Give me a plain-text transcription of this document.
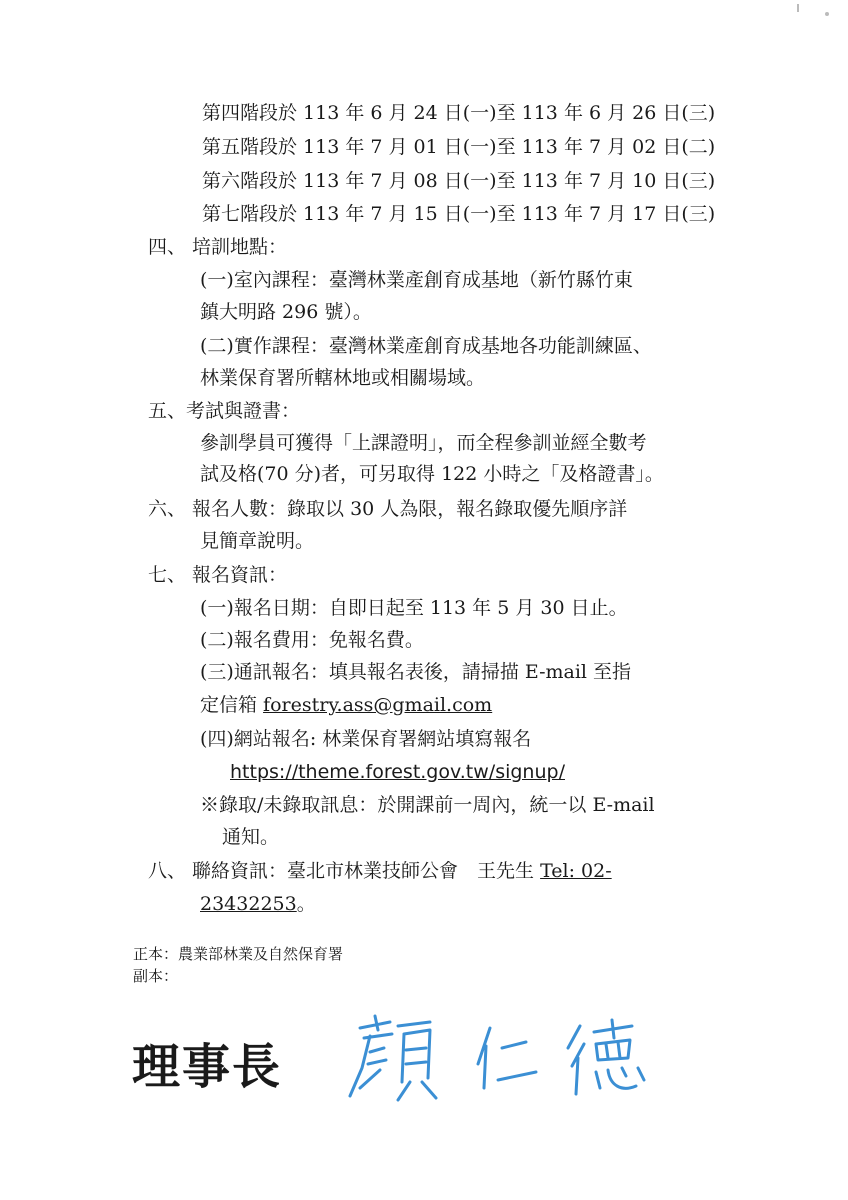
第四階段於 113 年 6 月 24 日(一)至 113 年 6 月 26 日(三)
第五階段於 113 年 7 月 01 日(一)至 113 年 7 月 02 日(二)
第六階段於 113 年 7 月 08 日(一)至 113 年 7 月 10 日(三)
第七階段於 113 年 7 月 15 日(一)至 113 年 7 月 17 日(三)
四、 培訓地點：
(一)室內課程：臺灣林業產創育成基地（新竹縣竹東
鎮大明路 296 號）。
(二)實作課程：臺灣林業產創育成基地各功能訓練區、
林業保育署所轄林地或相關場域。
五、考試與證書：
參訓學員可獲得「上課證明」，而全程參訓並經全數考
試及格(70 分)者，可另取得 122 小時之「及格證書」。
六、 報名人數：錄取以 30 人為限，報名錄取優先順序詳
見簡章說明。
七、 報名資訊：
(一)報名日期：自即日起至 113 年 5 月 30 日止。
(二)報名費用：免報名費。
(三)通訊報名：填具報名表後，請掃描 E-mail 至指
定信箱 forestry.ass@gmail.com
(四)網站報名: 林業保育署網站填寫報名
https://theme.forest.gov.tw/signup/
※錄取/未錄取訊息：於開課前一周內，統一以 E-mail
通知。
八、 聯絡資訊：臺北市林業技師公會　王先生 Tel: 02-
23432253。
正本：農業部林業及自然保育署
副本：
理事長
